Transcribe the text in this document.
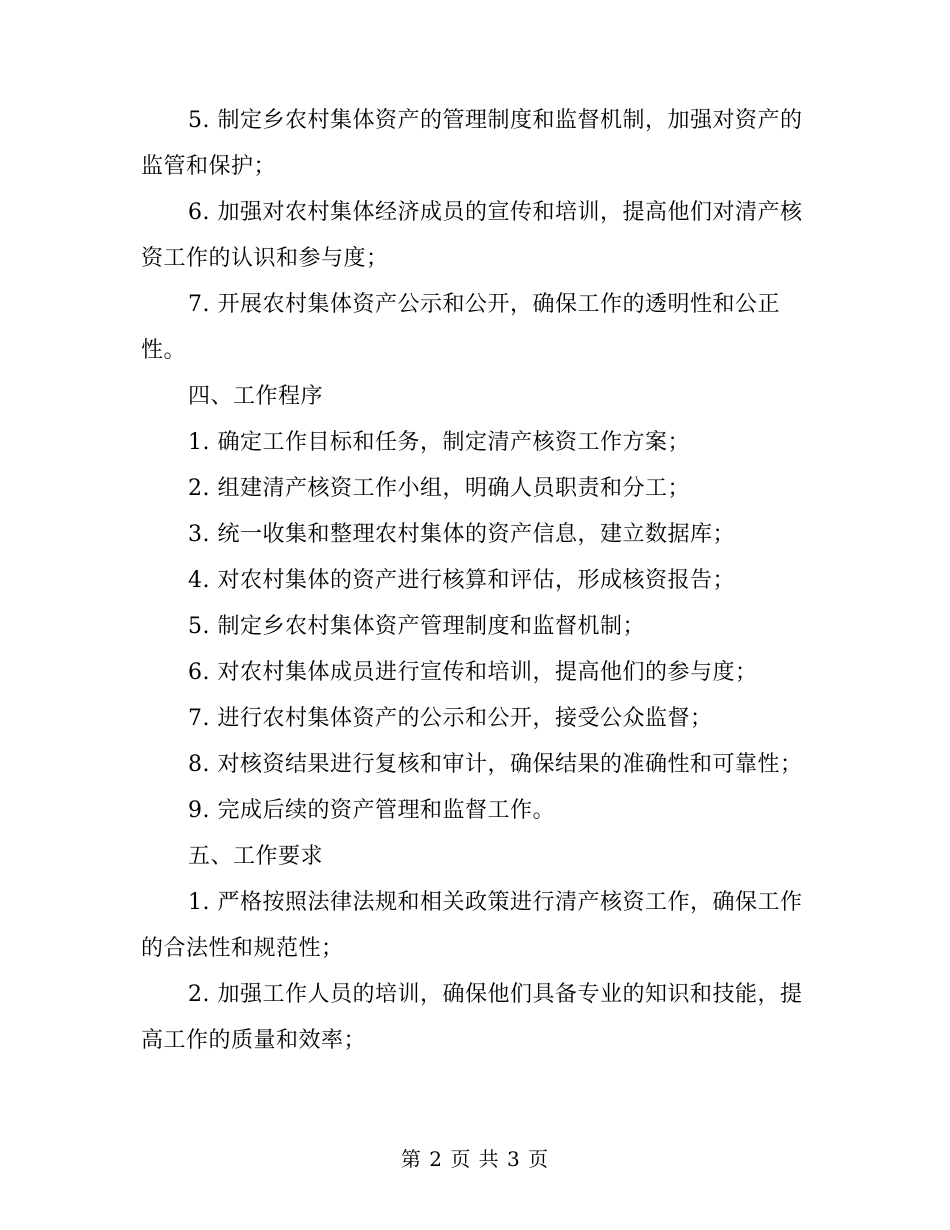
5. 制定乡农村集体资产的管理制度和监督机制，加强对资产的监管和保护；

6. 加强对农村集体经济成员的宣传和培训，提高他们对清产核资工作的认识和参与度；

7. 开展农村集体资产公示和公开，确保工作的透明性和公正性。

四、工作程序

1. 确定工作目标和任务，制定清产核资工作方案；

2. 组建清产核资工作小组，明确人员职责和分工；

3. 统一收集和整理农村集体的资产信息，建立数据库；

4. 对农村集体的资产进行核算和评估，形成核资报告；

5. 制定乡农村集体资产管理制度和监督机制；

6. 对农村集体成员进行宣传和培训，提高他们的参与度；

7. 进行农村集体资产的公示和公开，接受公众监督；

8. 对核资结果进行复核和审计，确保结果的准确性和可靠性；

9. 完成后续的资产管理和监督工作。

五、工作要求

1. 严格按照法律法规和相关政策进行清产核资工作，确保工作的合法性和规范性；

2. 加强工作人员的培训，确保他们具备专业的知识和技能，提高工作的质量和效率；

第 2 页 共 3 页
